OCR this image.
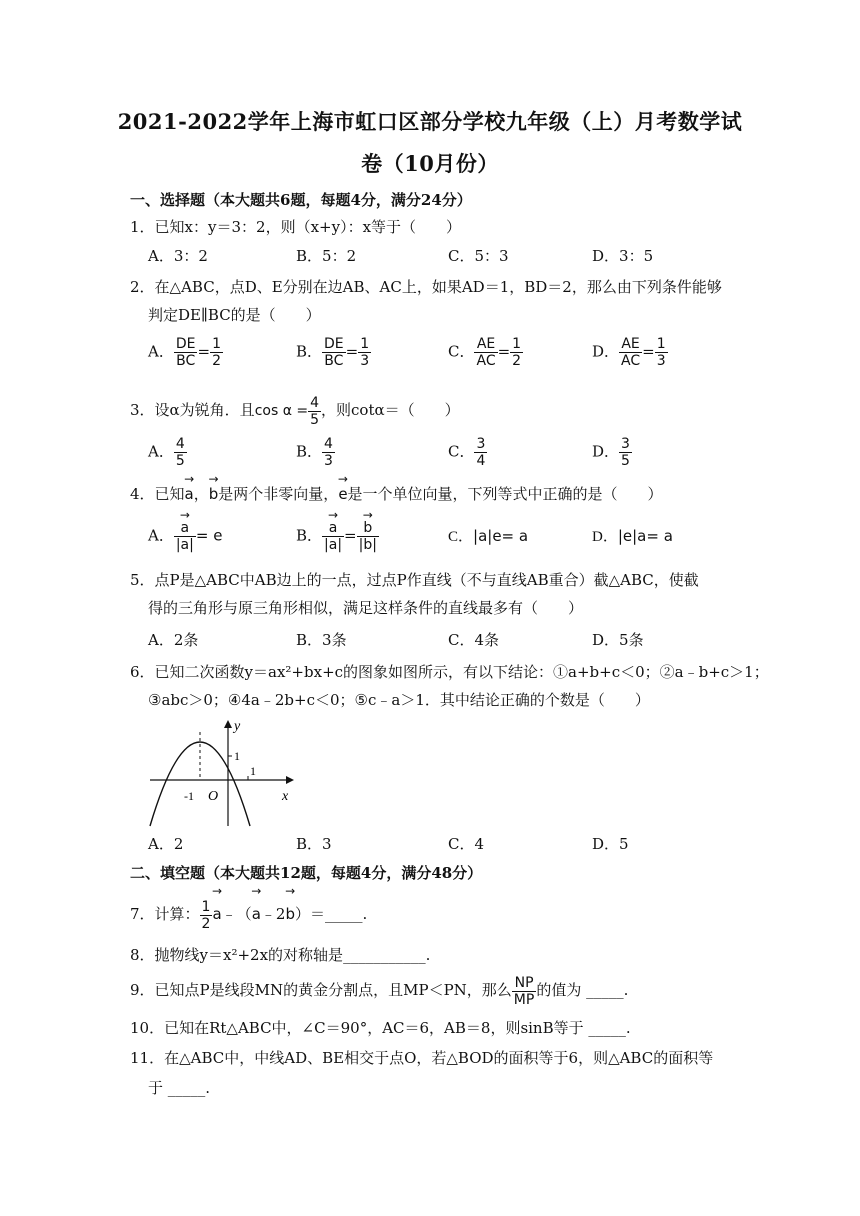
2021-2022学年上海市虹口区部分学校九年级（上）月考数学试
卷（10月份）
一、选择题（本大题共6题，每题4分，满分24分）
1．已知x：y＝3：2，则（x+y）：x等于（　　）
A．3：2	B．5：2	C．5：3	D．3：5
2．在△ABC，点D、E分别在边AB、AC上，如果AD＝1，BD＝2，那么由下列条件能够
判定DE∥BC的是（　　）
A． $\frac{DE}{BC} = \frac{1}{2}$	B． $\frac{DE}{BC} = \frac{1}{3}$	C． $\frac{AE}{AC} = \frac{1}{2}$	D． $\frac{AE}{AC} = \frac{1}{3}$
3．设α为锐角．且$\cos \alpha = \frac{4}{5}$ ，则cotα＝（　　）
A． $\frac{4}{5}$	B． $\frac{4}{3}$	C． $\frac{3}{4}$	D． $\frac{3}{5}$
4．已知→ a，→ b是两个非零向量，→ e是一个单位向量，下列等式中正确的是（　　）
A． → $\frac{a}{|a|} = e$	B． → $\frac{a}{|a|}$ = → $\frac{b}{|b|}$	C．|a|e= a	D．|e|a= a
5．点P是△ABC中AB边上的一点，过点P作直线（不与直线AB重合）截△ABC，使截
得的三角形与原三角形相似，满足这样条件的直线最多有（　　）
A．2条	B．3条	C．4条	D．5条
6．已知二次函数y＝ax²+bx+c的图象如图所示，有以下结论：①a+b+c＜0；②a﹣b+c＞1；
③abc＞0；④4a﹣2b+c＜0；⑤c﹣a＞1．其中结论正确的个数是（　　）
y
x
O
1
1
-1
A．2	B．3	C．4	D．5
二、填空题（本大题共12题，每题4分，满分48分）
7．计算： $\frac{1}{2}$ → a﹣（→ a﹣2→ b）＝_____.
8．抛物线y＝x²+2x的对称轴是___________.
9．已知点P是线段MN的黄金分割点，且MP＜PN，那么 $\frac{NP}{MP}$ 的值为 _____.
10．已知在Rt△ABC中，∠C＝90°，AC＝6，AB＝8，则sinB等于 _____.
11．在△ABC中，中线AD、BE相交于点O，若△BOD的面积等于6，则△ABC的面积等
于 _____.
